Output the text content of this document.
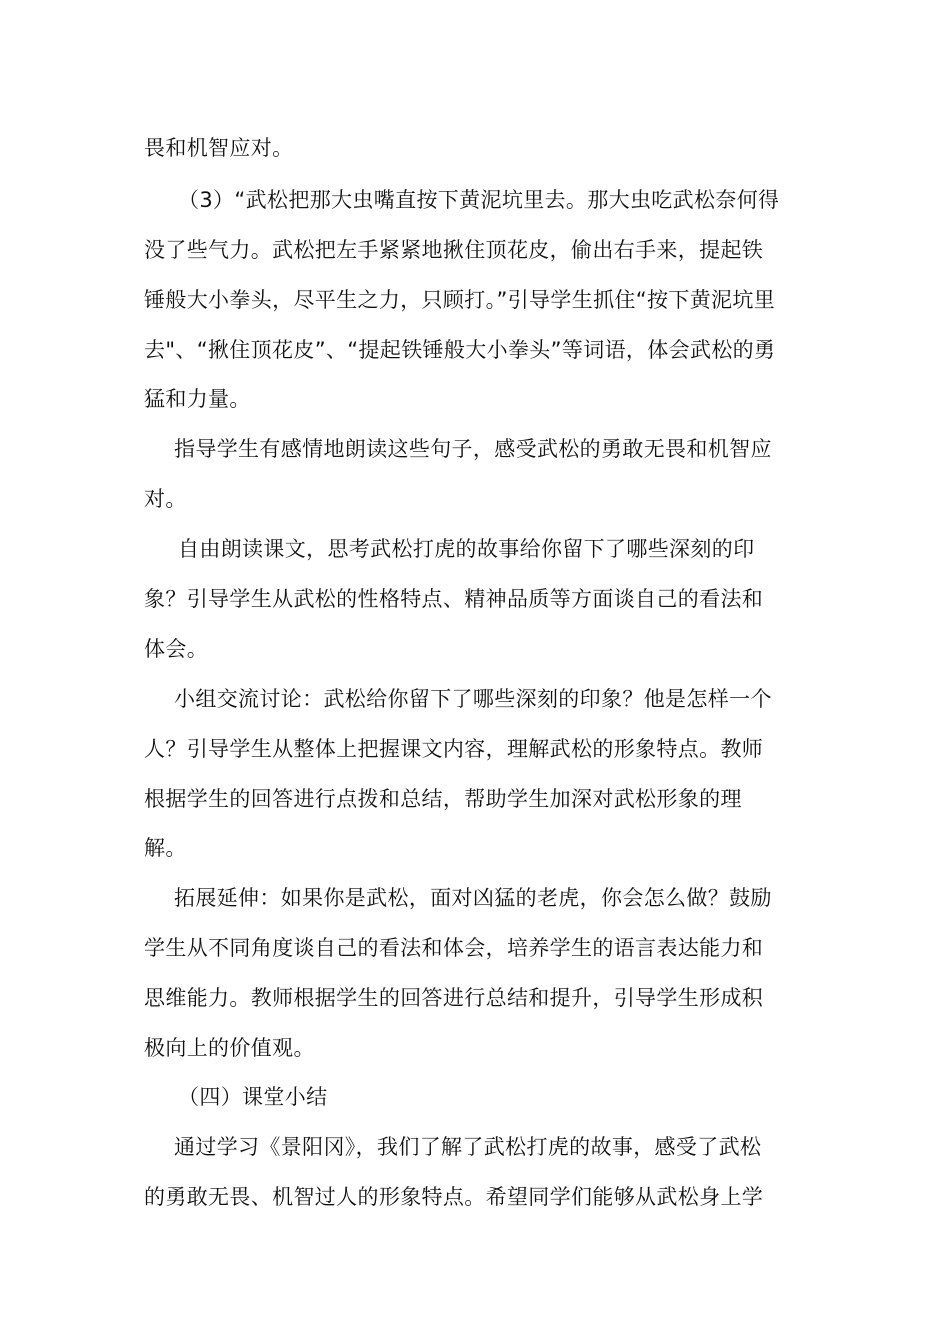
畏和机智应对。
（3）“武松把那大虫嘴直按下黄泥坑里去。那大虫吃武松奈何得
没了些气力。武松把左手紧紧地揪住顶花皮，偷出右手来，提起铁
锤般大小拳头，尽平生之力，只顾打。”引导学生抓住“按下黄泥坑里
去"、“揪住顶花皮”、“提起铁锤般大小拳头”等词语，体会武松的勇
猛和力量。
指导学生有感情地朗读这些句子，感受武松的勇敢无畏和机智应
对。
自由朗读课文，思考武松打虎的故事给你留下了哪些深刻的印
象？引导学生从武松的性格特点、精神品质等方面谈自己的看法和
体会。
小组交流讨论：武松给你留下了哪些深刻的印象？他是怎样一个
人？引导学生从整体上把握课文内容，理解武松的形象特点。教师
根据学生的回答进行点拨和总结，帮助学生加深对武松形象的理
解。
拓展延伸：如果你是武松，面对凶猛的老虎，你会怎么做？鼓励
学生从不同角度谈自己的看法和体会，培养学生的语言表达能力和
思维能力。教师根据学生的回答进行总结和提升，引导学生形成积
极向上的价值观。
（四）课堂小结
通过学习《景阳冈》，我们了解了武松打虎的故事，感受了武松
的勇敢无畏、机智过人的形象特点。希望同学们能够从武松身上学
